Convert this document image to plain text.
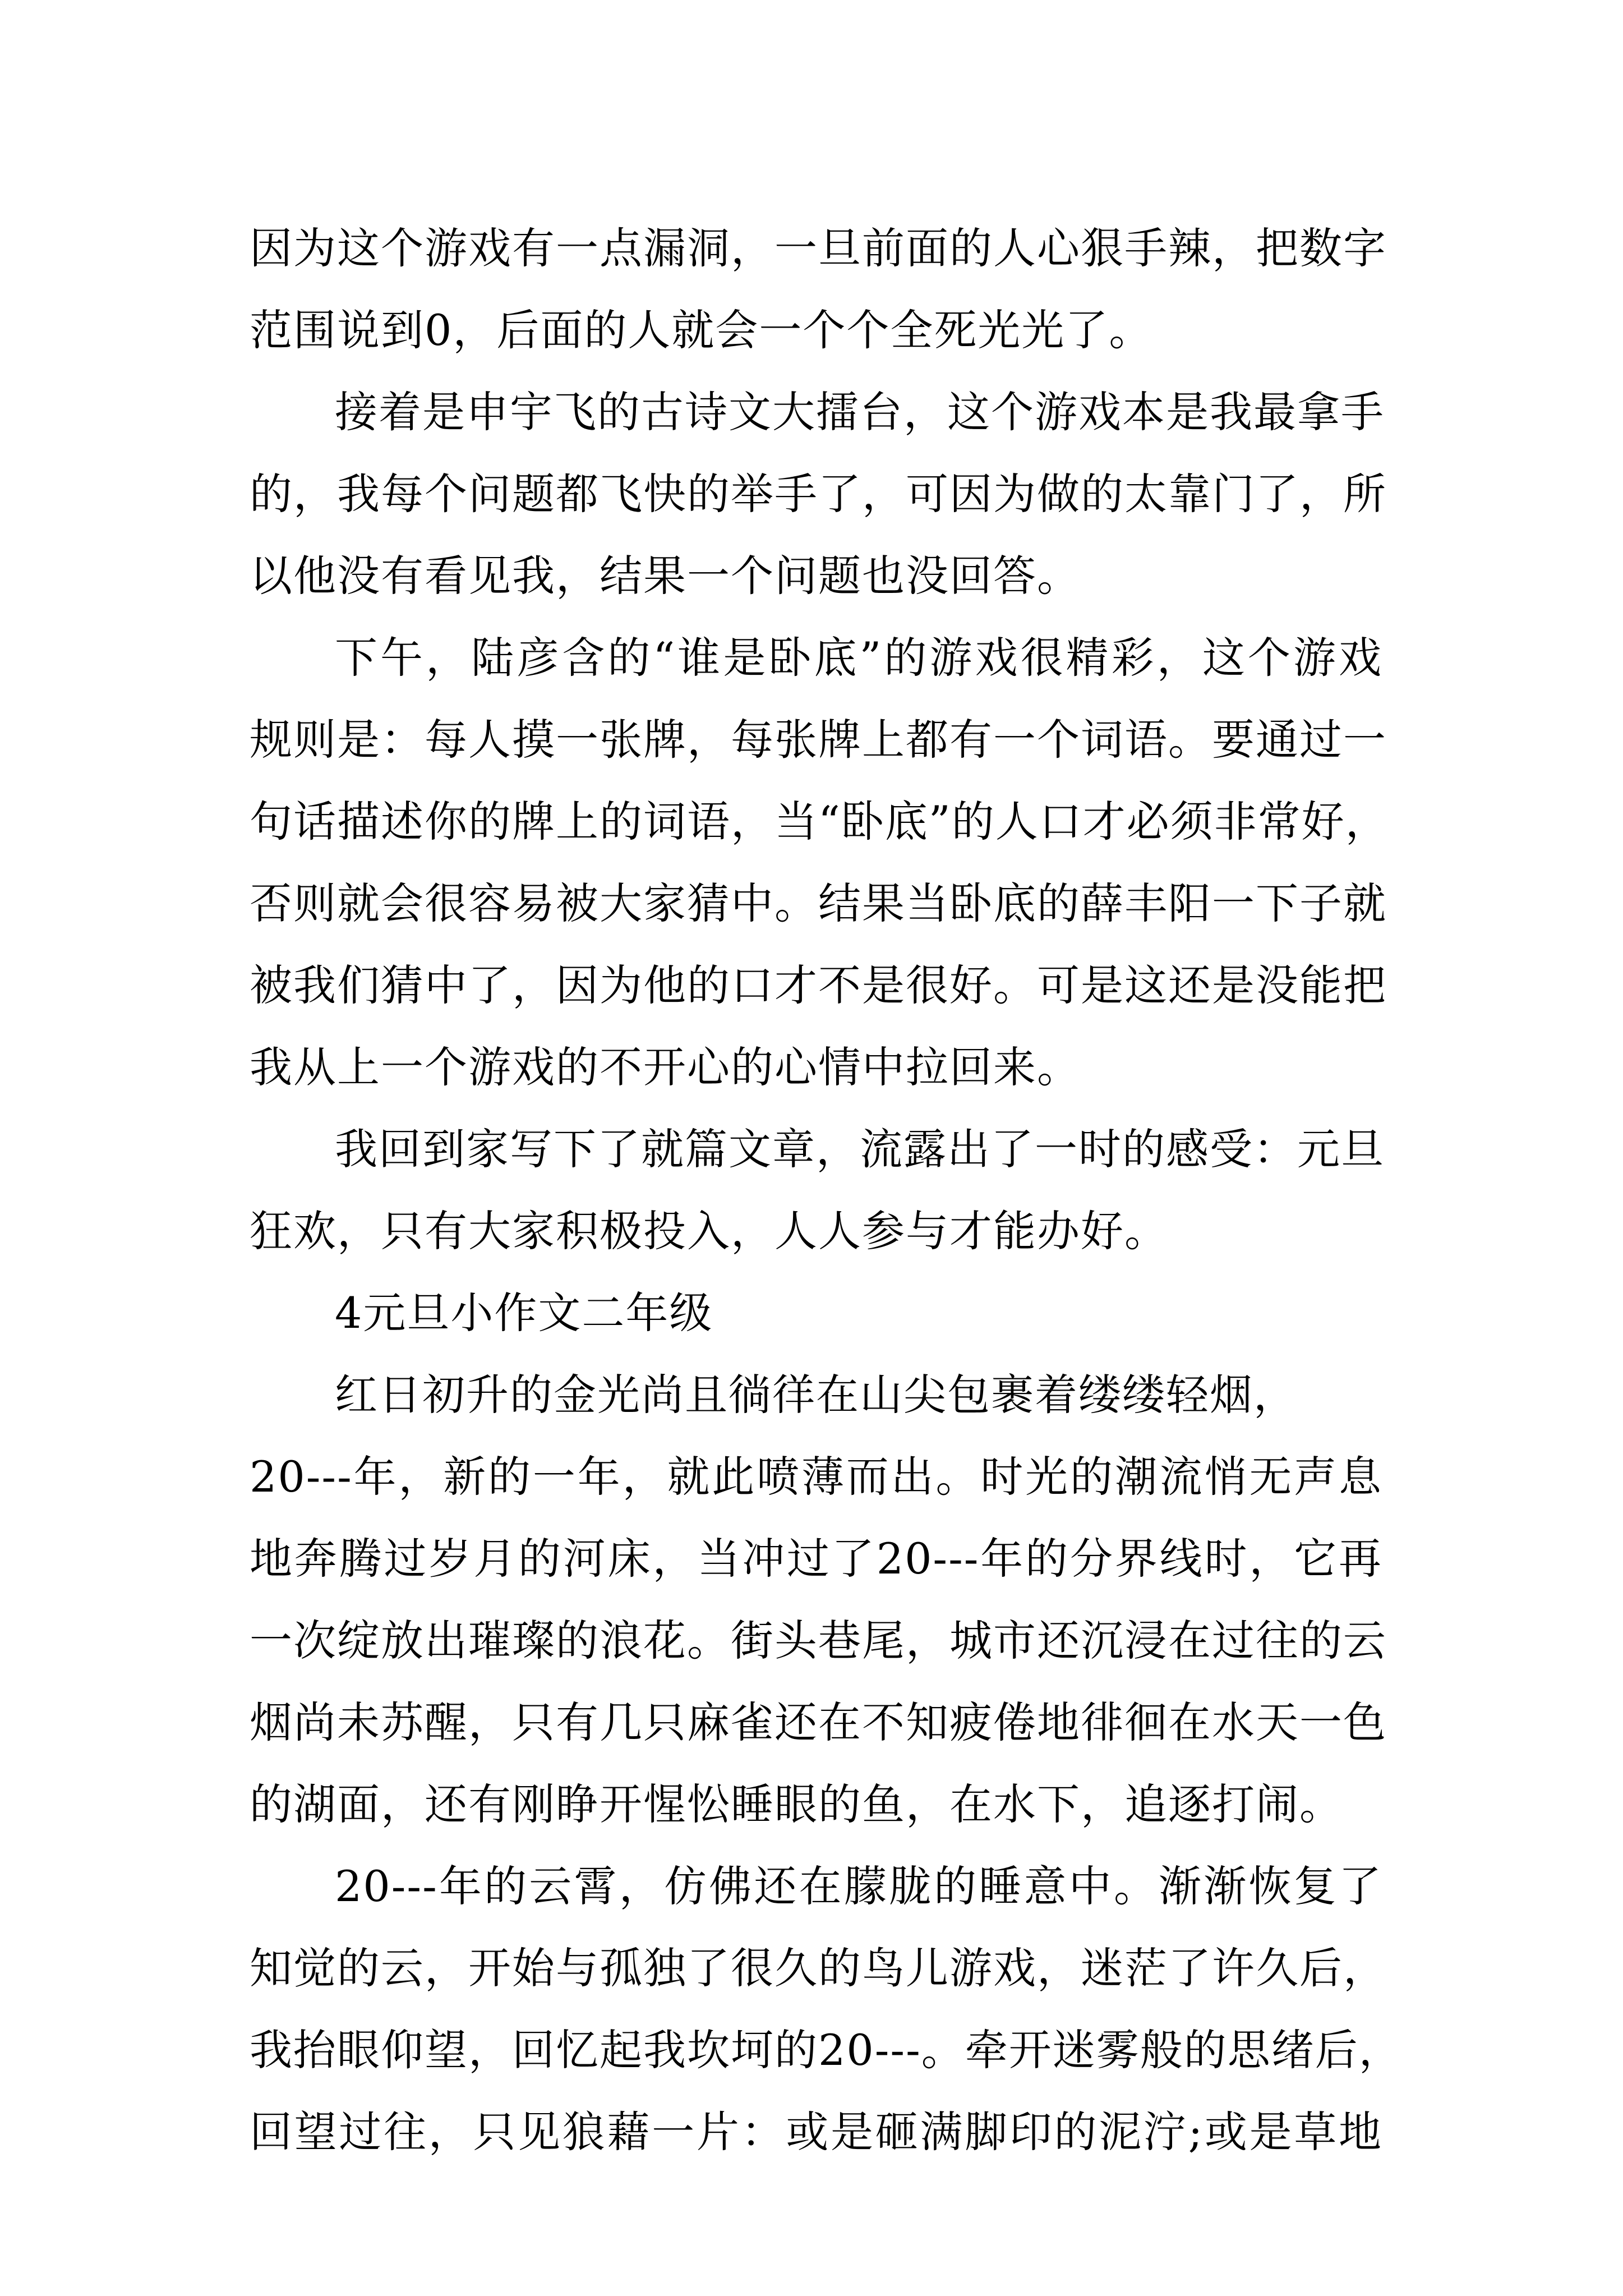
因为这个游戏有一点漏洞，一旦前面的人心狠手辣，把数字
范围说到0，后面的人就会一个个全死光光了。
接着是申宇飞的古诗文大擂台，这个游戏本是我最拿手
的，我每个问题都飞快的举手了，可因为做的太靠门了，所
以他没有看见我，结果一个问题也没回答。
下午，陆彦含的“谁是卧底”的游戏很精彩，这个游戏
规则是：每人摸一张牌，每张牌上都有一个词语。要通过一
句话描述你的牌上的词语，当“卧底”的人口才必须非常好，
否则就会很容易被大家猜中。结果当卧底的薛丰阳一下子就
被我们猜中了，因为他的口才不是很好。可是这还是没能把
我从上一个游戏的不开心的心情中拉回来。
我回到家写下了就篇文章，流露出了一时的感受：元旦
狂欢，只有大家积极投入，人人参与才能办好。
4元旦小作文二年级
红日初升的金光尚且徜徉在山尖包裹着缕缕轻烟，
20---年，新的一年，就此喷薄而出。时光的潮流悄无声息
地奔腾过岁月的河床，当冲过了20---年的分界线时，它再
一次绽放出璀璨的浪花。街头巷尾，城市还沉浸在过往的云
烟尚未苏醒，只有几只麻雀还在不知疲倦地徘徊在水天一色
的湖面，还有刚睁开惺忪睡眼的鱼，在水下，追逐打闹。
20---年的云霄，仿佛还在朦胧的睡意中。渐渐恢复了
知觉的云，开始与孤独了很久的鸟儿游戏，迷茫了许久后，
我抬眼仰望，回忆起我坎坷的20---。牵开迷雾般的思绪后，
回望过往，只见狼藉一片：或是砸满脚印的泥泞;或是草地
